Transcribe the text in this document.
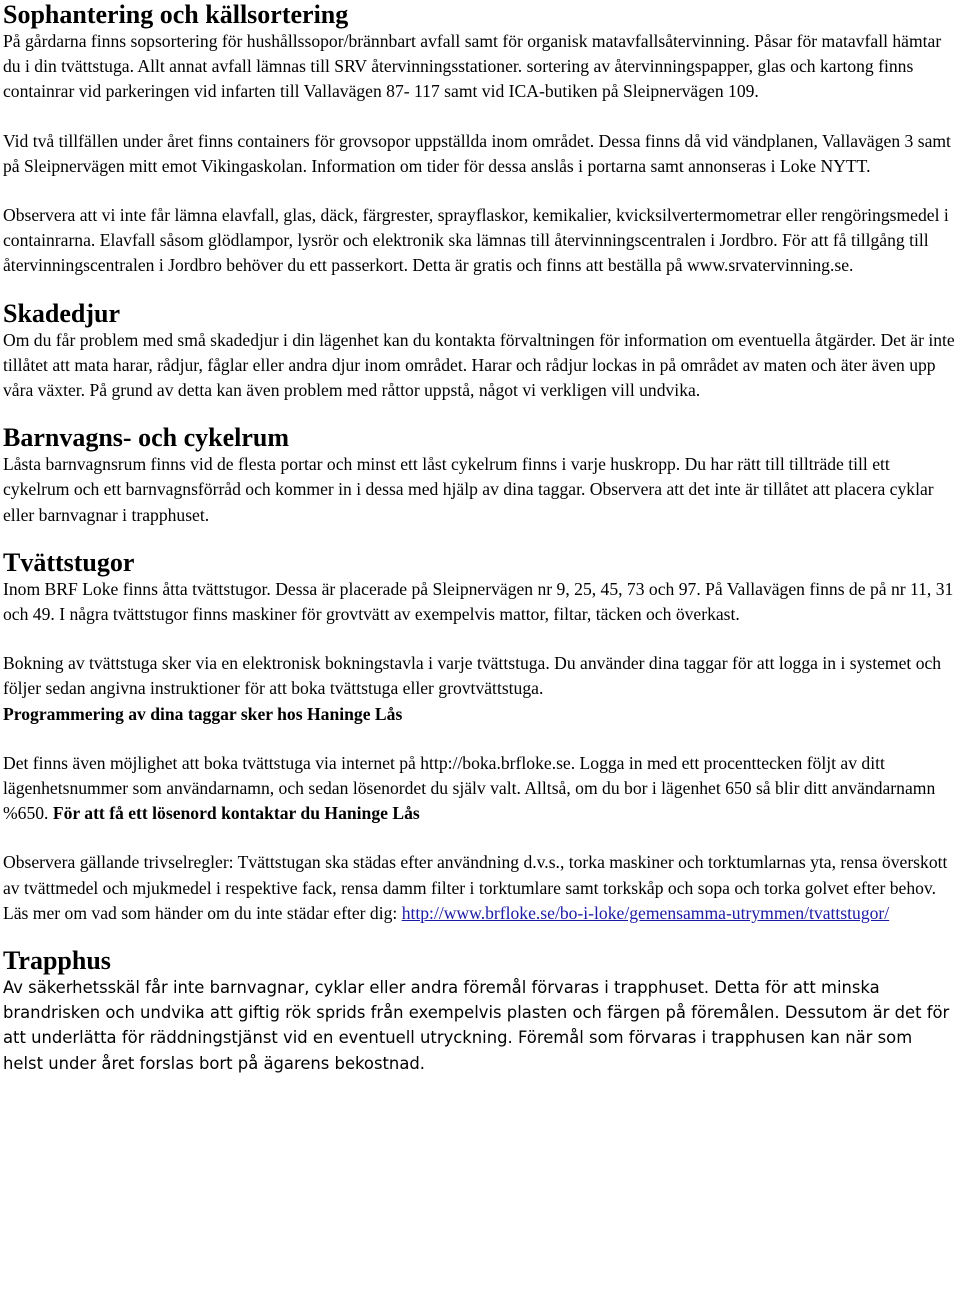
Sophantering och källsortering

På gårdarna finns sopsortering för hushållssopor/brännbart avfall samt för organisk matavfallsåtervinning. Påsar för matavfall hämtar du i din tvättstuga. Allt annat avfall lämnas till SRV återvinningsstationer. sortering av återvinningspapper, glas och kartong finns containrar vid parkeringen vid infarten till Vallavägen 87- 117 samt vid ICA-butiken på Sleipnervägen 109.

Vid två tillfällen under året finns containers för grovsopor uppställda inom området. Dessa finns då vid vändplanen, Vallavägen 3 samt på Sleipnervägen mitt emot Vikingaskolan. Information om tider för dessa anslås i portarna samt annonseras i Loke NYTT.

Observera att vi inte får lämna elavfall, glas, däck, färgrester, sprayflaskor, kemikalier, kvicksilvertermometrar eller rengöringsmedel i containrarna. Elavfall såsom glödlampor, lysrör och elektronik ska lämnas till återvinningscentralen i Jordbro. För att få tillgång till återvinningscentralen i Jordbro behöver du ett passerkort. Detta är gratis och finns att beställa på www.srvatervinning.se.

Skadedjur

Om du får problem med små skadedjur i din lägenhet kan du kontakta förvaltningen för information om eventuella åtgärder. Det är inte tillåtet att mata harar, rådjur, fåglar eller andra djur inom området. Harar och rådjur lockas in på området av maten och äter även upp våra växter. På grund av detta kan även problem med råttor uppstå, något vi verkligen vill undvika.

Barnvagns- och cykelrum

Låsta barnvagnsrum finns vid de flesta portar och minst ett låst cykelrum finns i varje huskropp. Du har rätt till tillträde till ett cykelrum och ett barnvagnsförråd och kommer in i dessa med hjälp av dina taggar. Observera att det inte är tillåtet att placera cyklar eller barnvagnar i trapphuset.

Tvättstugor

Inom BRF Loke finns åtta tvättstugor. Dessa är placerade på Sleipnervägen nr 9, 25, 45, 73 och 97. På Vallavägen finns de på nr 11, 31 och 49. I några tvättstugor finns maskiner för grovtvätt av exempelvis mattor, filtar, täcken och överkast.

Bokning av tvättstuga sker via en elektronisk bokningstavla i varje tvättstuga. Du använder dina taggar för att logga in i systemet och följer sedan angivna instruktioner för att boka tvättstuga eller grovtvättstuga.
Programmering av dina taggar sker hos Haninge Lås

Det finns även möjlighet att boka tvättstuga via internet på http://boka.brfloke.se. Logga in med ett procenttecken följt av ditt lägenhetsnummer som användarnamn, och sedan lösenordet du själv valt. Alltså, om du bor i lägenhet 650 så blir ditt användarnamn %650. För att få ett lösenord kontaktar du Haninge Lås

Observera gällande trivselregler: Tvättstugan ska städas efter användning d.v.s., torka maskiner och torktumlarnas yta, rensa överskott av tvättmedel och mjukmedel i respektive fack, rensa damm filter i torktumlare samt torkskåp och sopa och torka golvet efter behov. Läs mer om vad som händer om du inte städar efter dig: http://www.brfloke.se/bo-i-loke/gemensamma-utrymmen/tvattstugor/

Trapphus

Av säkerhetsskäl får inte barnvagnar, cyklar eller andra föremål förvaras i trapphuset. Detta för att minska brandrisken och undvika att giftig rök sprids från exempelvis plasten och färgen på föremålen. Dessutom är det för att underlätta för räddningstjänst vid en eventuell utryckning. Föremål som förvaras i trapphusen kan när som helst under året forslas bort på ägarens bekostnad.
